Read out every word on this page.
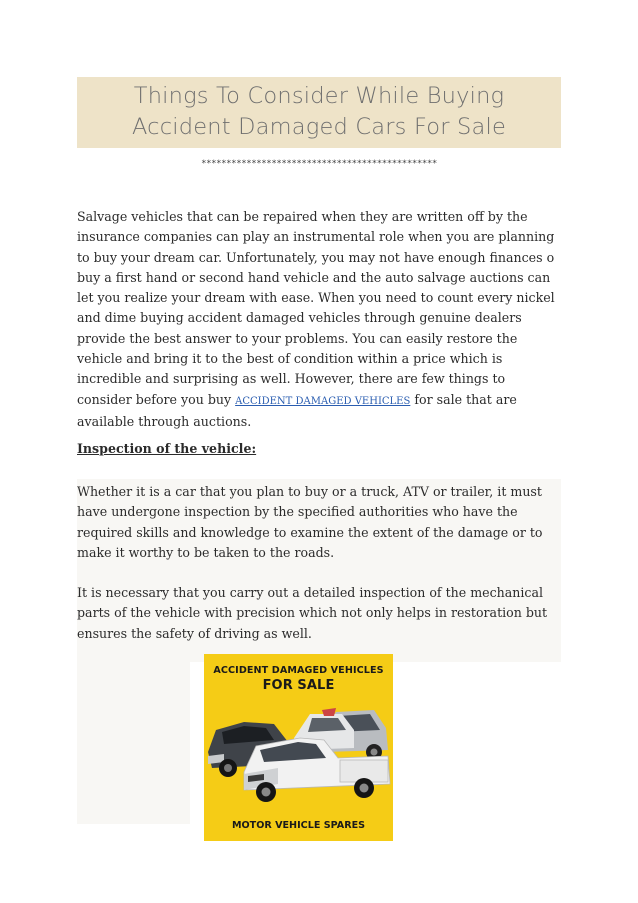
Things To Consider While Buying
Accident Damaged Cars For Sale
***********************************************

Salvage vehicles that can be repaired when they are written off by the insurance companies can play an instrumental role when you are planning to buy your dream car. Unfortunately, you may not have enough finances o buy a first hand or second hand vehicle and the auto salvage auctions can let you realize your dream with ease. When you need to count every nickel and dime buying accident damaged vehicles through genuine dealers provide the best answer to your problems. You can easily restore the vehicle and bring it to the best of condition within a price which is incredible and surprising as well. However, there are few things to consider before you buy ACCIDENT DAMAGED VEHICLES for sale that are available through auctions.

Inspection of the vehicle:

Whether it is a car that you plan to buy or a truck, ATV or trailer, it must have undergone inspection by the specified authorities who have the required skills and knowledge to examine the extent of the damage or to make it worthy to be taken to the roads.

It is necessary that you carry out a detailed inspection of the mechanical parts of the vehicle with precision which not only helps in restoration but ensures the safety of driving as well.

ACCIDENT DAMAGED VEHICLES
FOR SALE
MOTOR VEHICLE SPARES
